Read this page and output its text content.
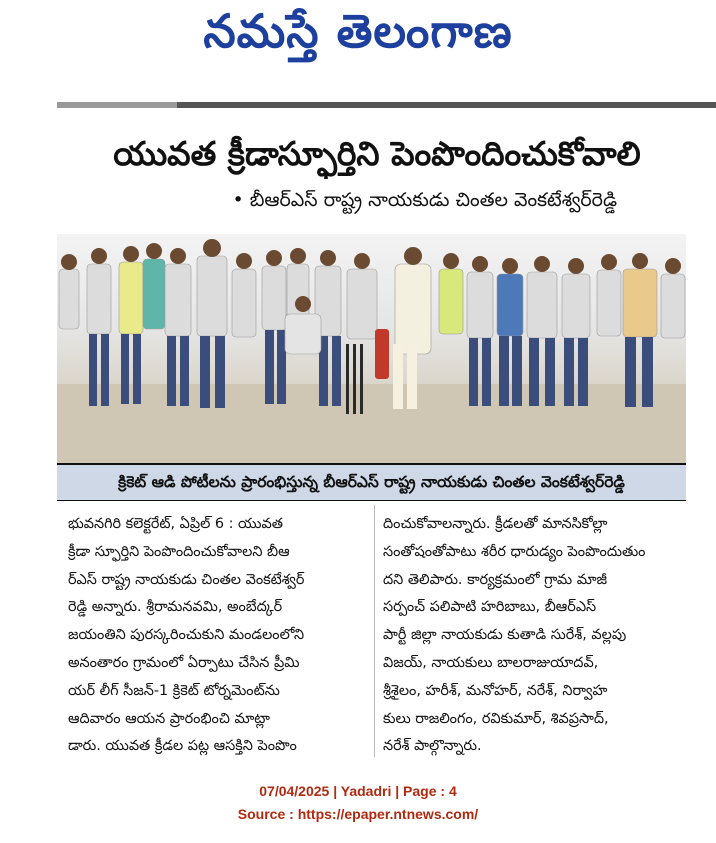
నమస్తే తెలంగాణ
యువత క్రీడాస్ఫూర్తిని పెంపొందించుకోవాలి
• బీఆర్ఎస్ రాష్ట్ర నాయకుడు చింతల వెంకటేశ్వర్‌రెడ్డి
క్రికెట్ ఆడి పోటీలను ప్రారంభిస్తున్న బీఆర్ఎస్ రాష్ట్ర నాయకుడు చింతల వెంకటేశ్వర్‌రెడ్డి
భువనగిరి కలెక్టరేట్, ఏప్రిల్ 6 : యువత
క్రీడా స్ఫూర్తిని పెంపొందించుకోవాలని బీఆ
ర్ఎస్ రాష్ట్ర నాయకుడు చింతల వెంకటేశ్వర్
రెడ్డి అన్నారు. శ్రీరామనవమి, అంబేద్కర్
జయంతిని పురస్కరించుకుని మండలంలోని
అనంతారం గ్రామంలో ఏర్పాటు చేసిన ప్రీమి
యర్ లీగ్ సీజన్-1 క్రికెట్ టోర్నమెంట్‌ను
ఆదివారం ఆయన ప్రారంభించి మాట్లా
డారు. యువత క్రీడల పట్ల ఆసక్తిని పెంపొం
దించుకోవాలన్నారు. క్రీడలతో మానసికోల్లా
సంతోషంతోపాటు శరీర ధారుడ్యం పెంపొందుతుం
దని తెలిపారు. కార్యక్రమంలో గ్రామ మాజీ
సర్పంచ్ పలిపాటి హరిబాబు, బీఆర్ఎస్
పార్టీ జిల్లా నాయకుడు కుతాడి సురేశ్, వల్లపు
విజయ్, నాయకులు బాలరాజుయాదవ్,
శ్రీశైలం, హరీశ్, మనోహర్, నరేశ్, నిర్వాహ
కులు రాజలింగం, రవికుమార్, శివప్రసాద్,
నరేశ్ పాల్గొన్నారు.
07/04/2025 | Yadadri | Page : 4
Source : https://epaper.ntnews.com/
